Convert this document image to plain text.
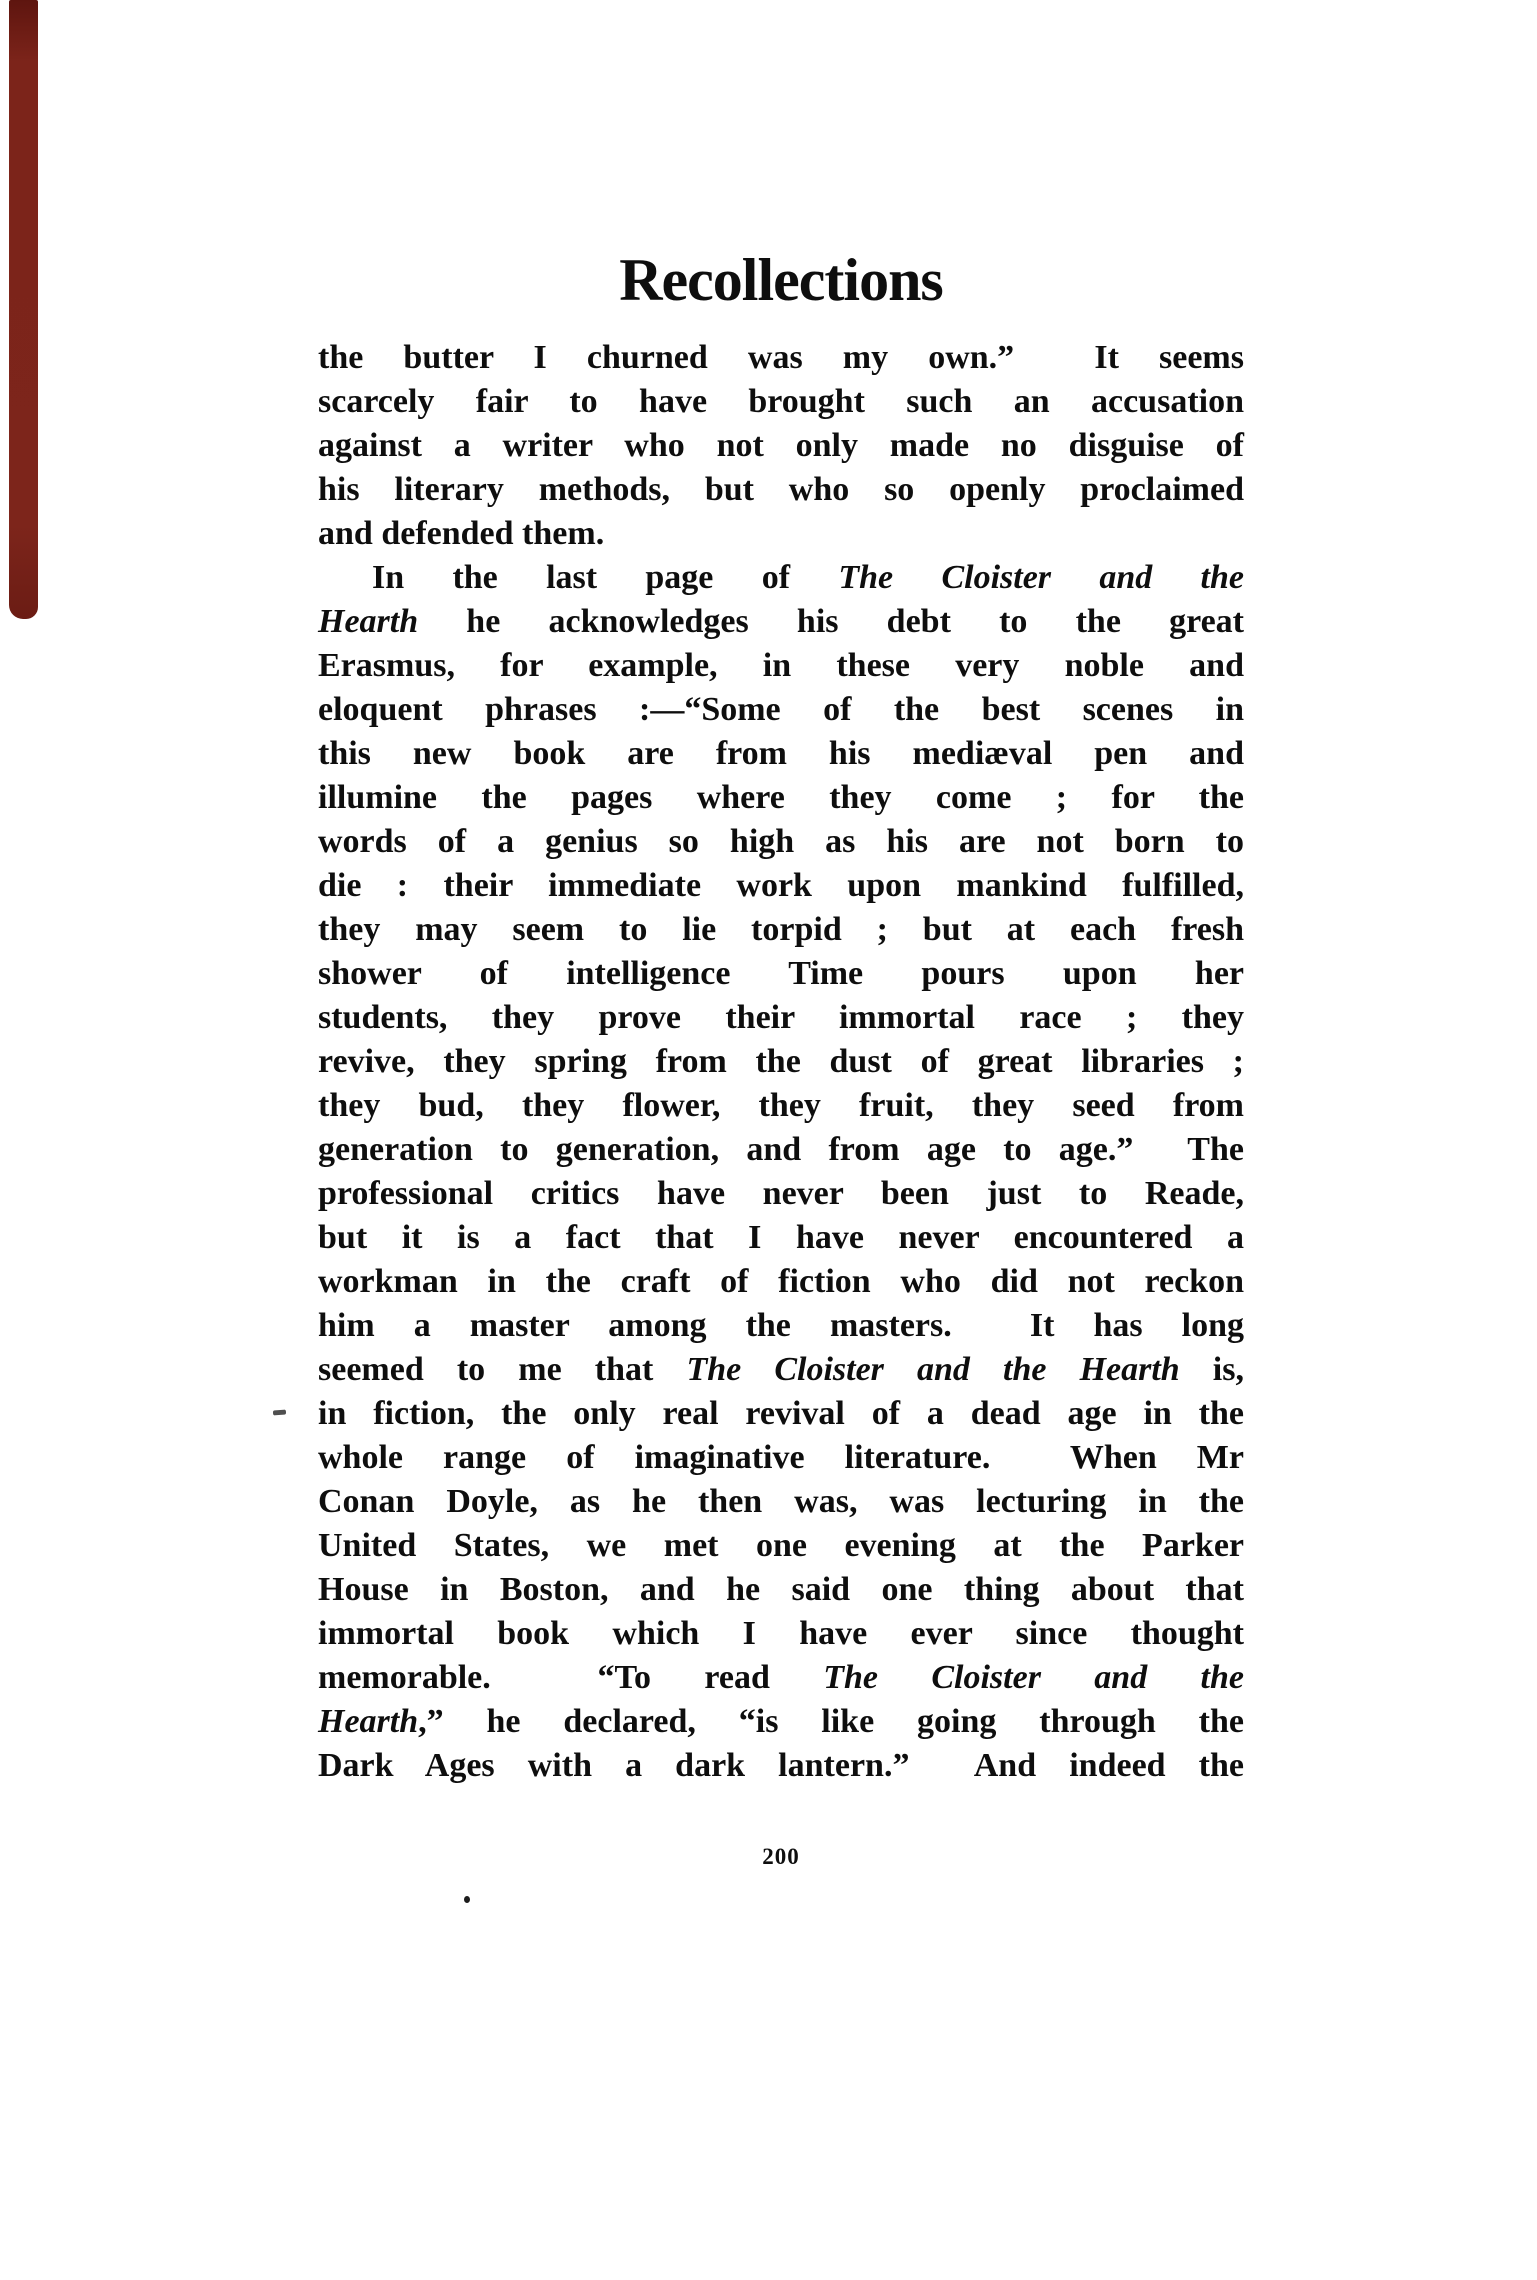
Recollections
the butter I churned was my own.”  It seems
scarcely fair to have brought such an accusation
against a writer who not only made no disguise of
his literary methods, but who so openly proclaimed
and defended them.
In the last page of The Cloister and the
Hearth he acknowledges his debt to the great
Erasmus, for example, in these very noble and
eloquent phrases :—“Some of the best scenes in
this new book are from his mediæval pen and
illumine the pages where they come ; for the
words of a genius so high as his are not born to
die : their immediate work upon mankind fulfilled,
they may seem to lie torpid ; but at each fresh
shower of intelligence Time pours upon her
students, they prove their immortal race ; they
revive, they spring from the dust of great libraries ;
they bud, they flower, they fruit, they seed from
generation to generation, and from age to age.”  The
professional critics have never been just to Reade,
but it is a fact that I have never encountered a
workman in the craft of fiction who did not reckon
him a master among the masters.  It has long
seemed to me that The Cloister and the Hearth is,
in fiction, the only real revival of a dead age in the
whole range of imaginative literature.  When Mr
Conan Doyle, as he then was, was lecturing in the
United States, we met one evening at the Parker
House in Boston, and he said one thing about that
immortal book which I have ever since thought
memorable.  “To read The Cloister and the
Hearth,” he declared, “is like going through the
Dark Ages with a dark lantern.”  And indeed the
200
